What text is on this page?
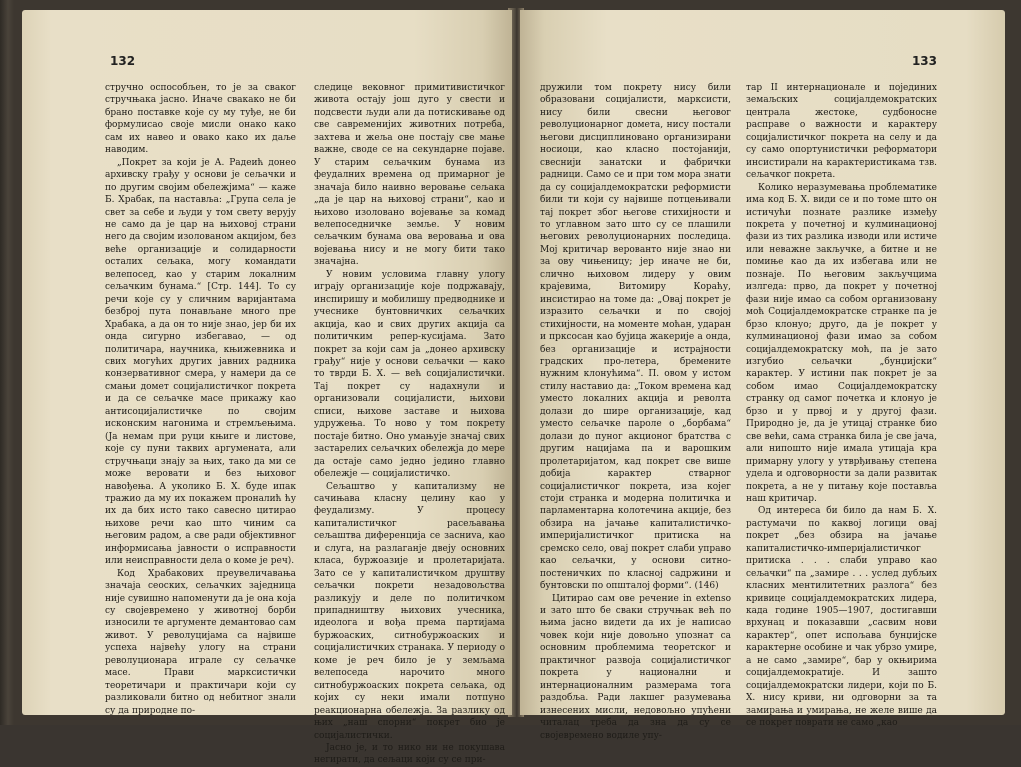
132

стручно оспособљен, то је за сваког стручњака јасно. Иначе свакако не би брaно поставке које су му туђе, не би формулисао своје мисли онако како сам их навео и овако како их даље наводим.

„Покрет за који је А. Радеић донео архивску грађу у основи је сељачки и по другим својим обележјима“ — каже Б. Храбак, па наставља: „Група села је свет за себе и људи у том свету верују не само да је цар на њиховој страни него да својим изолованом акцијом, без веће организације и солидарности осталих сељака, могу командати велепосед, као у старим локалним сељачким бунама.“ [Стр. 144]. То су речи које су у сличним варијантама безброј пута понављане много пре Храбака, а да он то није знао, јер би их онда сигурно избегавао, — од политичара, научника, књижевника и свих могућих других јавних радника конзервативног смера, у намери да се смањи домет социјалистичког покрета и да се сељачке масе прикажу као антисоцијалистичке по својим исконским нагонима и стремљењима. (Ја немам при руци књиге и листове, које су пуни таквих аргумената, али стручњаци знају за њих, тако да ми се може веровати и без њиховог навођења. А уколико Б. Х. буде ипак тражио да му их покажем проналић ћу их да бих исто тако савесно цитирао њихове речи као што чиним са његовим радом, а све ради објективног информисања јавности о исправности или неисправности дела о коме је реч).

Код Храбакових преувеличавања значаја сеоских, сељачких заједница није сувишно напоменути да је она која су својевремено у животној борби износили те аргументе демантовао сам живот. У револуцијама са највише успеха највећу улогу на страни револуционара играле су сељачке масе. Прави марксистички теоретичари и практичари који су разликовали битно од небитног знали су да природне по-

следице вековног примитивистичког живота остају још дуго у свести и подсвести људи али да потискивање од све савременијих животних потреба, захтева и жеља оне постају све мање важне, сводe се на секундарне појаве. У старим сељачким бунама из феудалних времена од примарног је значаја било наивно веровање сељака „да је цар на њиховој страни“, као и њихово изоловано војевање за комад велепоседничке земље. У новим сељачким бунама ова веровања и ова војевања нису и не могу бити тако значајна.

У новим условима главну улогу играју организације које подржавају, инспиришу и мобилишу предводнике и учеснике бунтовничких сељачких акција, као и свих других акција са политичким репер-кусијама. Зато покрет за који сам ја „донео архивску грађу“ није у основи сељачки — како то тврди Б. Х. — већ социјалистички. Тај покрет су надахнули и организовали социјалисти, њихови списи, њихове заставе и њихова удружења. То ново у том покрету постаје битно. Оно умањује значај свих застарелих сељачких обележја до мере да остаје само једно једино главно обележје — социјалистичко.

Сељаштво у капитализму не сачињава класну целину као у феудализму. У процесу капиталистичког расељавања сељаштва диференција се засниva, као и слуга, на разлаганје двеју основних класа, буржоазије и пролетаријата. Зато се у капиталистичком друштву сељачки покрети незадовољства разликују и деле по политичком припадништву њихових учесника, идеолога и вођа према партијама буржоаских, ситнобуржоаских и социјалистичких странака. У периоду о коме је реч било је у земљама велепоседа нарочито много ситнобуржоаских покрета сељака, од којих су неки имали потпуно реакционарна обележја. За разлику од њих „наш спорни“ покрет био је социјалистички.

Јасно је, и то нико ни не покушава негирати, да сељаци који су се при-

133

дружили том покрету нису били образовани социјалисти, марксисти, нису били свесни његовог револуционарног домета, нису постали његови дисциплиновано организирани носиоци, као класно постојанији, свеснији занатски и фабрички радници. Само се и при том мора знати да су социјалдемократски реформисти били ти који су највише потцењивали тај покрет због његове стихијности и то углавном зато што су се плашили његових револуционарних последица. Мој критичар верованто није знао ни за ову чињеницу; јер иначе не би, слично њиховом лидеру у овим крајевима, Витомиру Кораћу, инсистирао на томе да: „Овај покрет је изразито сељачки и по својој стихијности, на моменте моћан, ударан и прксосан као бујица жакерије а онда, без организације и истрајности градских про-летера, бремените нужним клонућима“. П. овом у истом стилу наставио да: „Током времена кад уместо локалних акција и револта долази до шире организације, кад уместо сељачке пароле о „борбама“ долази до пуног акционог братства с другим нацијама па и варошким пролетаријатом, кад покрет све више добија карактер стварног социјалистичког покрета, иза којег стоји странка и модерна политичка и парламентарна колотечина акције, без обзира на јачање капиталистичко-империјалистичког притиска на сремско село, овај покрет слаби управо као сељачки, у основи ситно-постеничких по класној садржини и бунтовски по општалој форми“. (146)

Цитирао сам ове речение in extenso и зато што бе сваки стручњак већ по њима јасно видети да их је написао човек који није довољно упознат са основним проблемима теоретског и практичног развоја социјалистичког покрета у национални и интернационалним размерама тога раздобља. Ради лакшег разумевања изнесених мисли, недовољно упућени читалац треба да зна да су се својевремено водиле упу-

тар II интернационале и појединих земаљских социјалдемократских централа жестоке, судбоносне расправе о важности и карактеру социјалистичког покрета на селу и да су само опортунистички реформатори инсистирали на карактеристикама тзв. сељачког покрета.

Колико неразумевања проблематике има код Б. Х. види се и по томе што он истичући познате разлике између покрета у почетној и кулминационој фази из тих разлика изводи или истиче или неважне закључке, а битне и не помиње као да их избегава или не познаје. По његовим закључцима излгеда: прво, да покрет у почетној фази није имао са собом организовану моћ Социјалдемокрaтске странке па је брзо клонуо; друго, да је покрет у кулминационој фази имао за собом социјалдемократску моћ, па је зато изгубио сељачки „бунџијски“ карактер. У истини пак покрет је за собом имао Социјалдемократску странку од самог почетка и клонуо је брзо и у првој и у другој фази. Природно је, да је утицај странке био све већи, сама странка била је све јача, али нипошто није имала утицаја кра примарну улогу у утврђивању степена удела и одговорности за дали развитак покрета, а не у питању које поставља наш критичар.

Од интереса би било да нам Б. Х. растумачи по каквој логици овај покрет „без обзира на јачање капиталистичко-империјалистичког притиска . . . слаби управо као сељачки“ па „замире . . . услед дубљих класних ментилитетних разлога“ без кривице социјалдемократских лидера, када године 1905—1907, достигавши врхунац и показавши „сасвим нови карактер“, опет испољава бунџијске карактерне особине и чак убрзо умире, а не само „замире“, бар у окњирима социјалдемократије. И зашто социјалдемократски лидери, који по Б. Х. нису криви, ни одговорни за та замирања и умирања, не желе више да се покрет поврати не само „као
